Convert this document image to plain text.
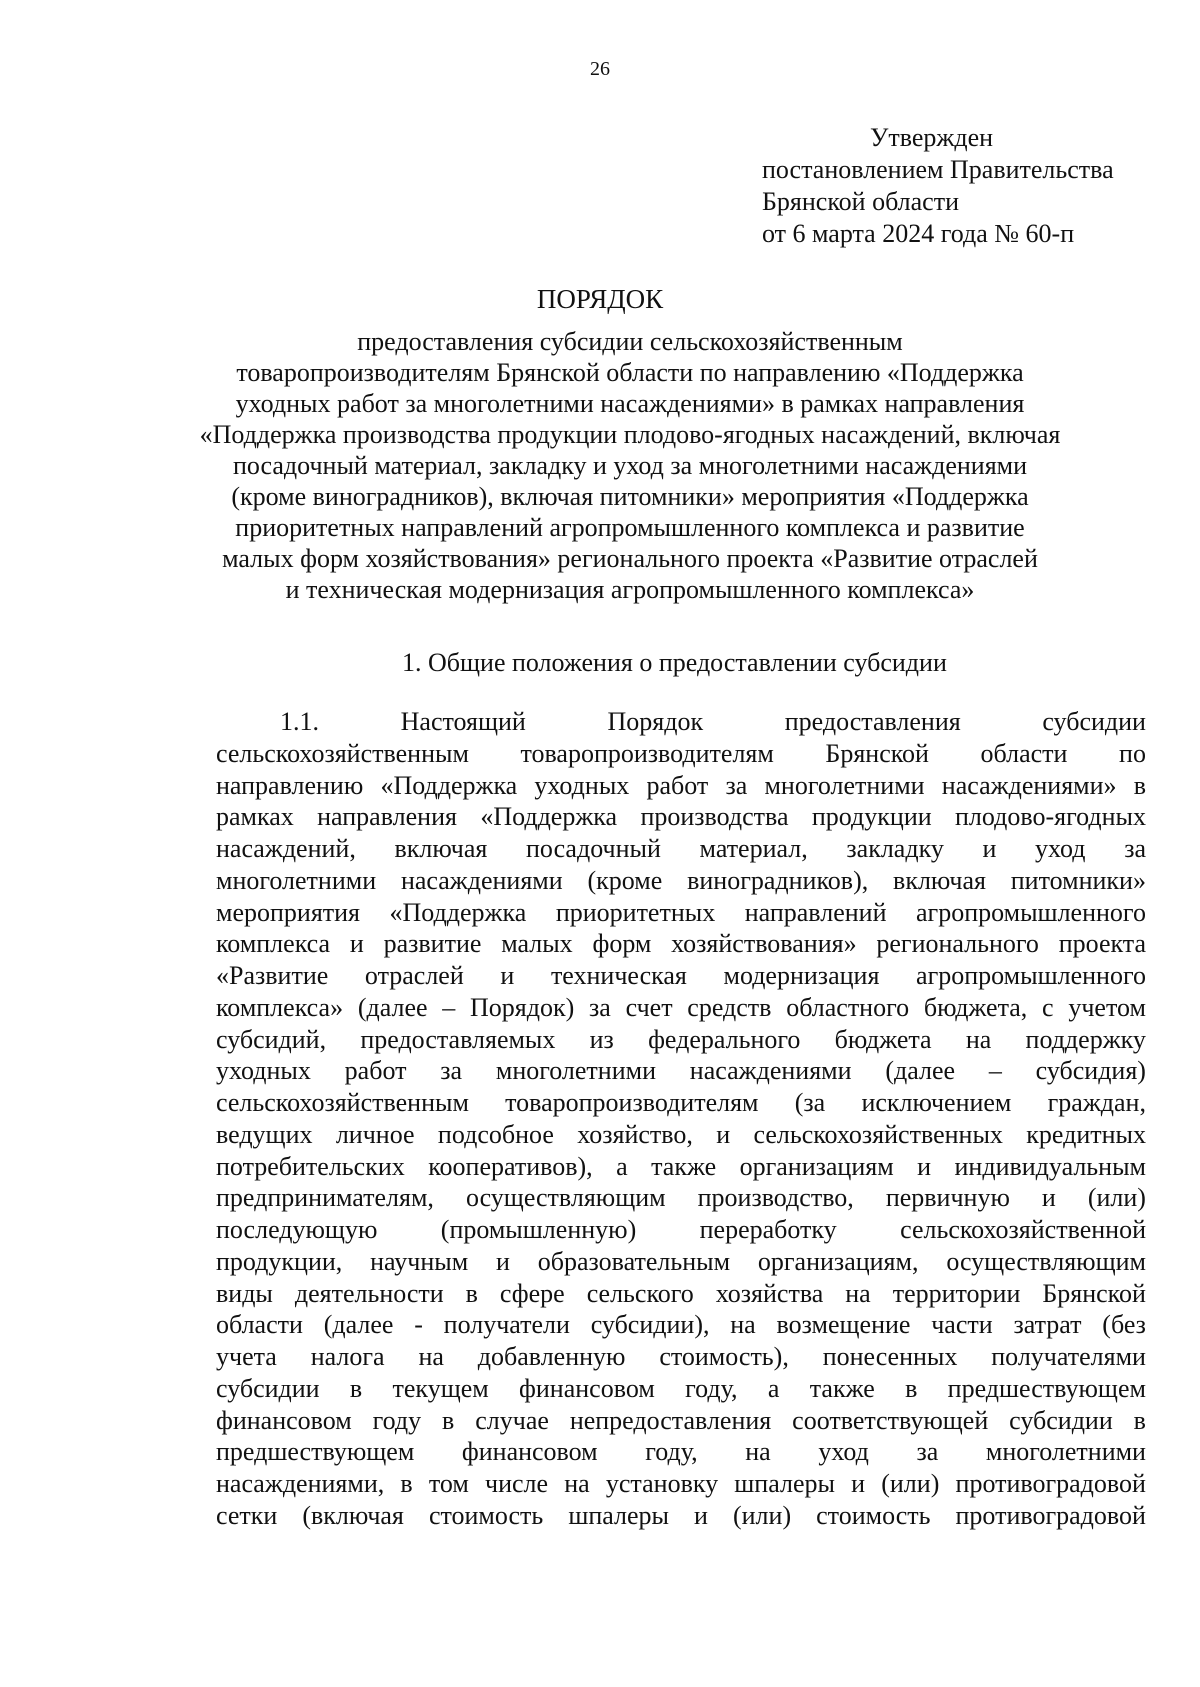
26
Утвержден
постановлением Правительства
Брянской области
от 6 марта 2024 года № 60-п
ПОРЯДОК
предоставления субсидии сельскохозяйственным
товаропроизводителям Брянской области по направлению «Поддержка
уходных работ за многолетними насаждениями» в рамках направления
«Поддержка производства продукции плодово-ягодных насаждений, включая
посадочный материал, закладку и уход за многолетними насаждениями
(кроме виноградников), включая питомники» мероприятия «Поддержка
приоритетных направлений агропромышленного комплекса и развитие
малых форм хозяйствования» регионального проекта «Развитие отраслей
и техническая модернизация агропромышленного комплекса»
1. Общие положения о предоставлении субсидии
1.1.	Настоящий	Порядок	предоставления	субсидии
сельскохозяйственным товаропроизводителям Брянской области по
направлению «Поддержка уходных работ за многолетними насаждениями» в
рамках направления «Поддержка производства продукции плодово-ягодных
насаждений, включая посадочный материал, закладку и уход за
многолетними насаждениями (кроме виноградников), включая питомники»
мероприятия «Поддержка приоритетных направлений агропромышленного
комплекса и развитие малых форм хозяйствования» регионального проекта
«Развитие отраслей и техническая модернизация агропромышленного
комплекса» (далее – Порядок) за счет средств областного бюджета, с учетом
субсидий, предоставляемых из федерального бюджета на поддержку
уходных работ за многолетними насаждениями (далее – субсидия)
сельскохозяйственным товаропроизводителям (за исключением граждан,
ведущих личное подсобное хозяйство, и сельскохозяйственных кредитных
потребительских кооперативов), а также организациям и индивидуальным
предпринимателям, осуществляющим производство, первичную и (или)
последующую (промышленную) переработку сельскохозяйственной
продукции, научным и образовательным организациям, осуществляющим
виды деятельности в сфере сельского хозяйства на территории Брянской
области (далее - получатели субсидии), на возмещение части затрат (без
учета налога на добавленную стоимость), понесенных получателями
субсидии в текущем финансовом году, а также в предшествующем
финансовом году в случае непредоставления соответствующей субсидии в
предшествующем финансовом году, на уход за многолетними
насаждениями, в том числе на установку шпалеры и (или) противоградовой
сетки (включая стоимость шпалеры и (или) стоимость противоградовой
